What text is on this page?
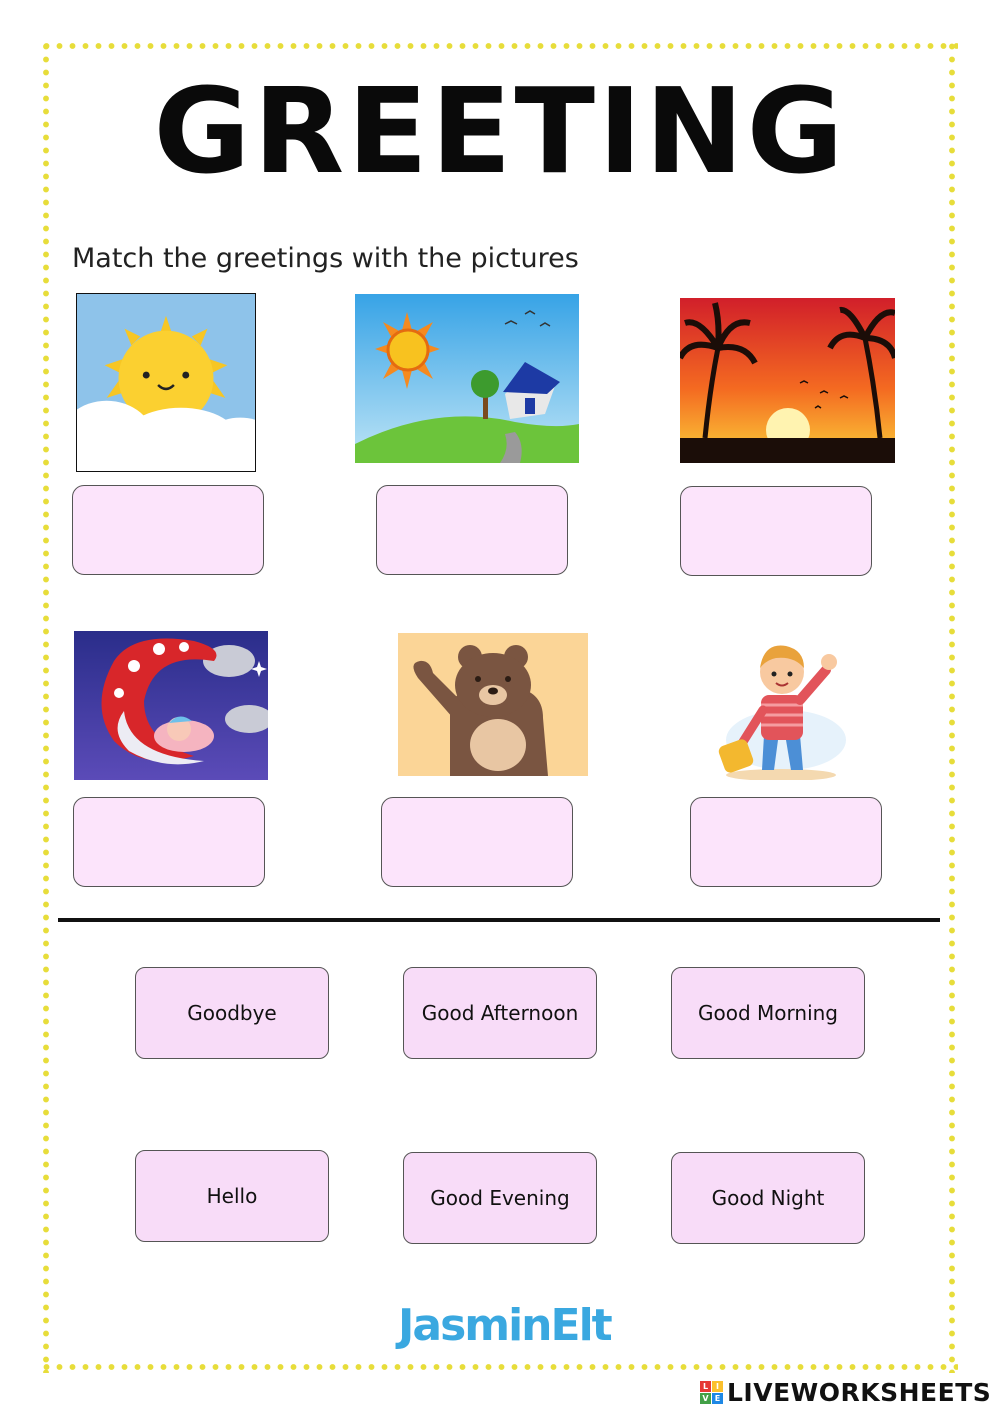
GREETING
Match the greetings with the pictures
Goodbye	Good Afternoon	Good Morning
Hello	Good Evening	Good Night
JasminElt
L I
V E LIVEWORKSHEETS
